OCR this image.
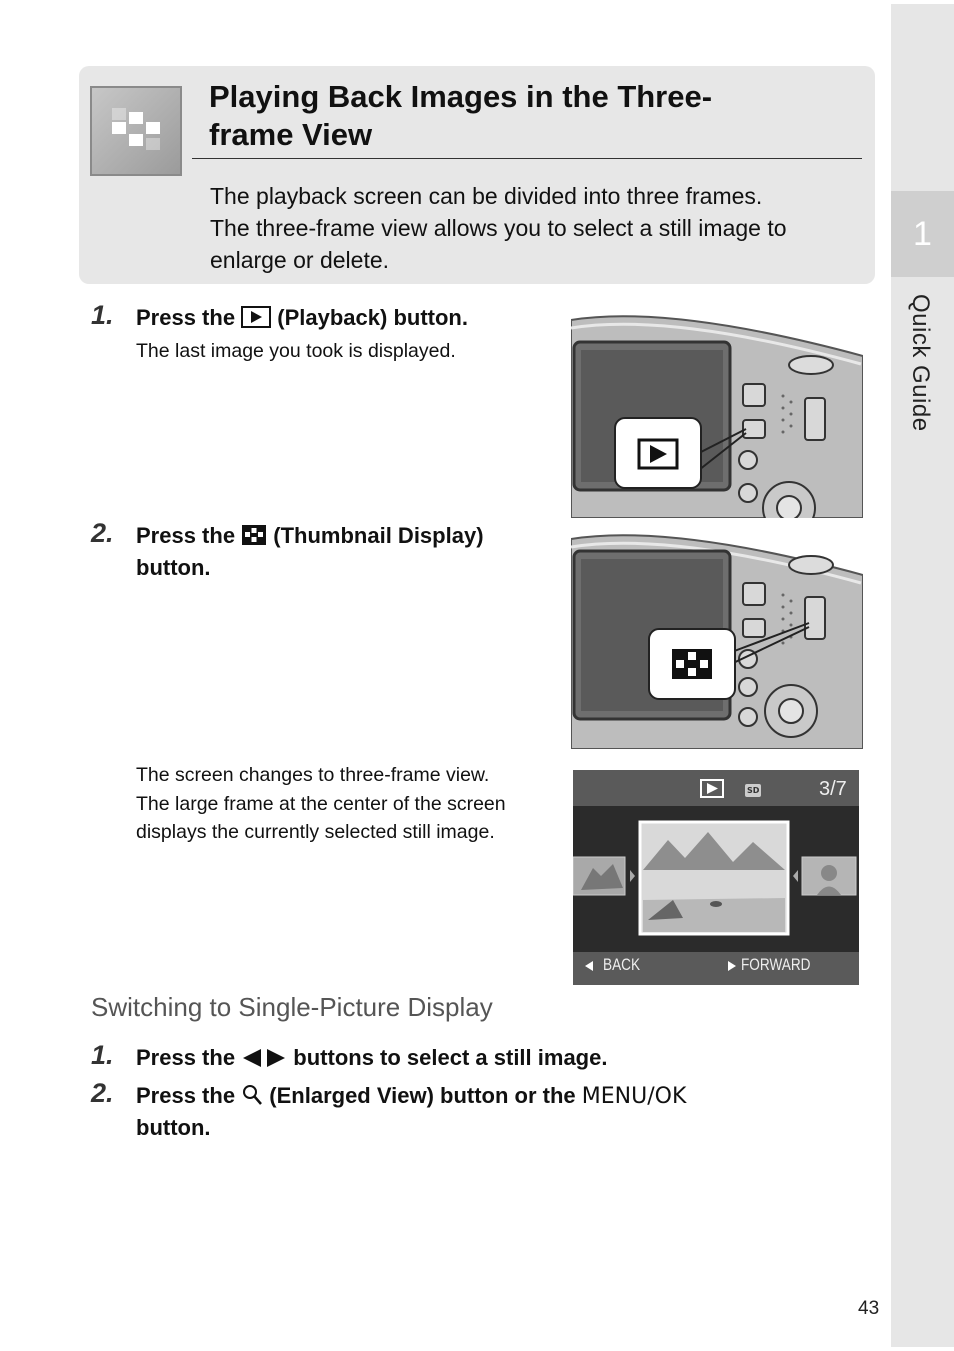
1
Quick Guide
Playing Back Images in the Three-
frame View
The playback screen can be divided into three frames.
The three-frame view allows you to select a still image to
enlarge or delete.
1. Press the  (Playback) button.
The last image you took is displayed.
2. Press the  (Thumbnail Display)
button.
The screen changes to three-frame view.
The large frame at the center of the screen
displays the currently selected still image.
SD	3/7
BACK	FORWARD
Switching to Single-Picture Display
1. Press the  buttons to select a still image.
2. Press the  (Enlarged View) button or the MENU/OK
button.
43
